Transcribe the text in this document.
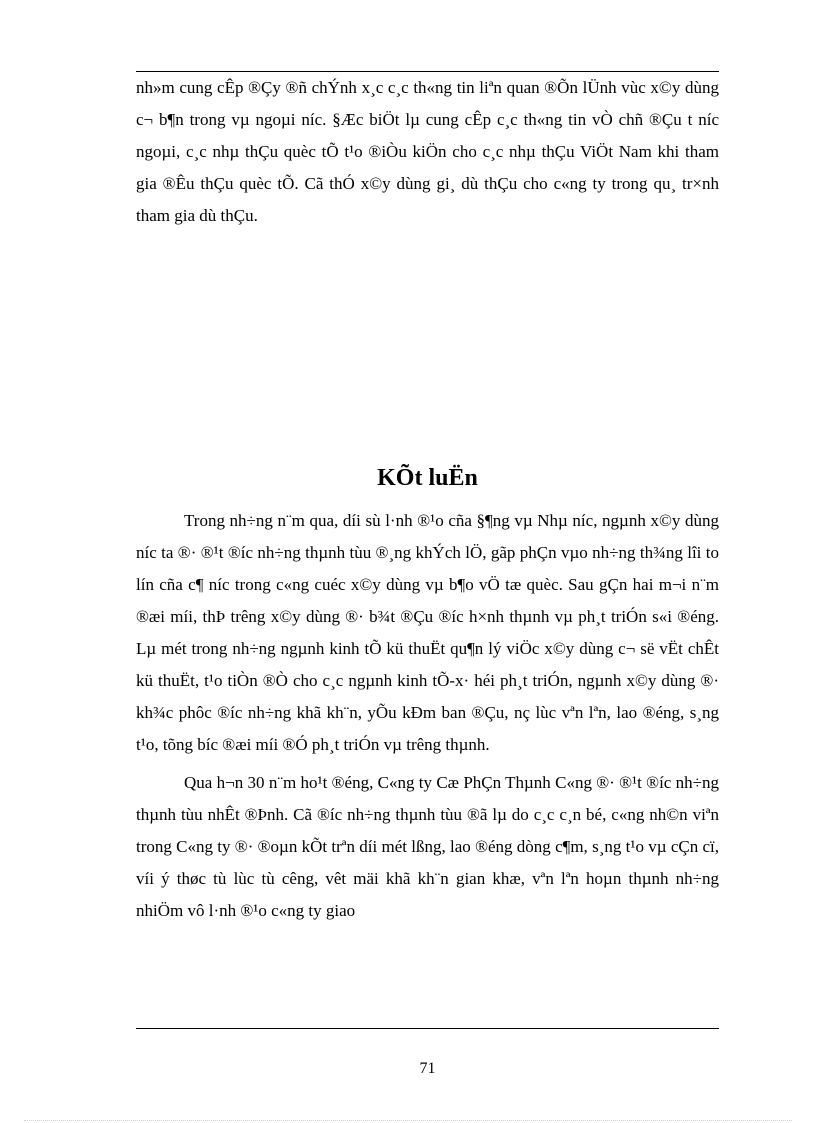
nh»m cung cÊp ®Çy ®ñ chÝnh x¸c c¸c th«ng tin liªn quan ®Õn lÜnh vùc x©y dùng c¬ b¶n trong vµ ngoµi níc. §Æc biÖt lµ cung cÊp c¸c th«ng tin vÒ chñ ®Çu t níc ngoµi, c¸c nhµ thÇu quèc tÕ t¹o ®iÒu kiÖn cho c¸c nhµ thÇu ViÖt Nam khi tham gia ®Êu thÇu quèc tÕ. Cã thÓ x©y dùng gi¸ dù thÇu cho c«ng ty trong qu¸ tr×nh tham gia dù thÇu.

KÕt luËn

Trong nh÷ng n¨m qua, díi sù l·nh ®¹o cña §¶ng vµ Nhµ níc, ngµnh x©y dùng níc ta ®· ®¹t ®íc nh÷ng thµnh tùu ®¸ng khÝch lÖ, gãp phÇn vµo nh÷ng th¾ng lîi to lín cña c¶ níc trong c«ng cuéc x©y dùng vµ b¶o vÖ tæ quèc. Sau gÇn hai m¬i n¨m ®æi míi, thÞ trêng x©y dùng ®· b¾t ®Çu ®íc h×nh thµnh vµ ph¸t triÓn s«i ®éng. Lµ mét trong nh÷ng ngµnh kinh tÕ kü thuËt qu¶n lý viÖc x©y dùng c¬ së vËt chÊt kü thuËt, t¹o tiÒn ®Ò cho c¸c ngµnh kinh tÕ-x· héi ph¸t triÓn, ngµnh x©y dùng ®· kh¾c phôc ®íc nh÷ng khã kh¨n, yÕu kÐm ban ®Çu, nç lùc vªn lªn, lao ®éng, s¸ng t¹o, tõng bíc ®æi míi ®Ó ph¸t triÓn vµ trêng thµnh.

Qua h¬n 30 n¨m ho¹t ®éng, C«ng ty Cæ PhÇn Thµnh C«ng ®· ®¹t ®íc nh÷ng thµnh tùu nhÊt ®Þnh. Cã ®íc nh÷ng thµnh tùu ®ã lµ do c¸c c¸n bé, c«ng nh©n viªn trong C«ng ty ®· ®oµn kÕt trªn díi mét lßng, lao ®éng dòng c¶m, s¸ng t¹o vµ cÇn cï, víi ý thøc tù lùc tù cêng, vêt mäi khã kh¨n gian khæ, vªn lªn hoµn thµnh nh÷ng nhiÖm vô l·nh ®¹o c«ng ty giao

71
